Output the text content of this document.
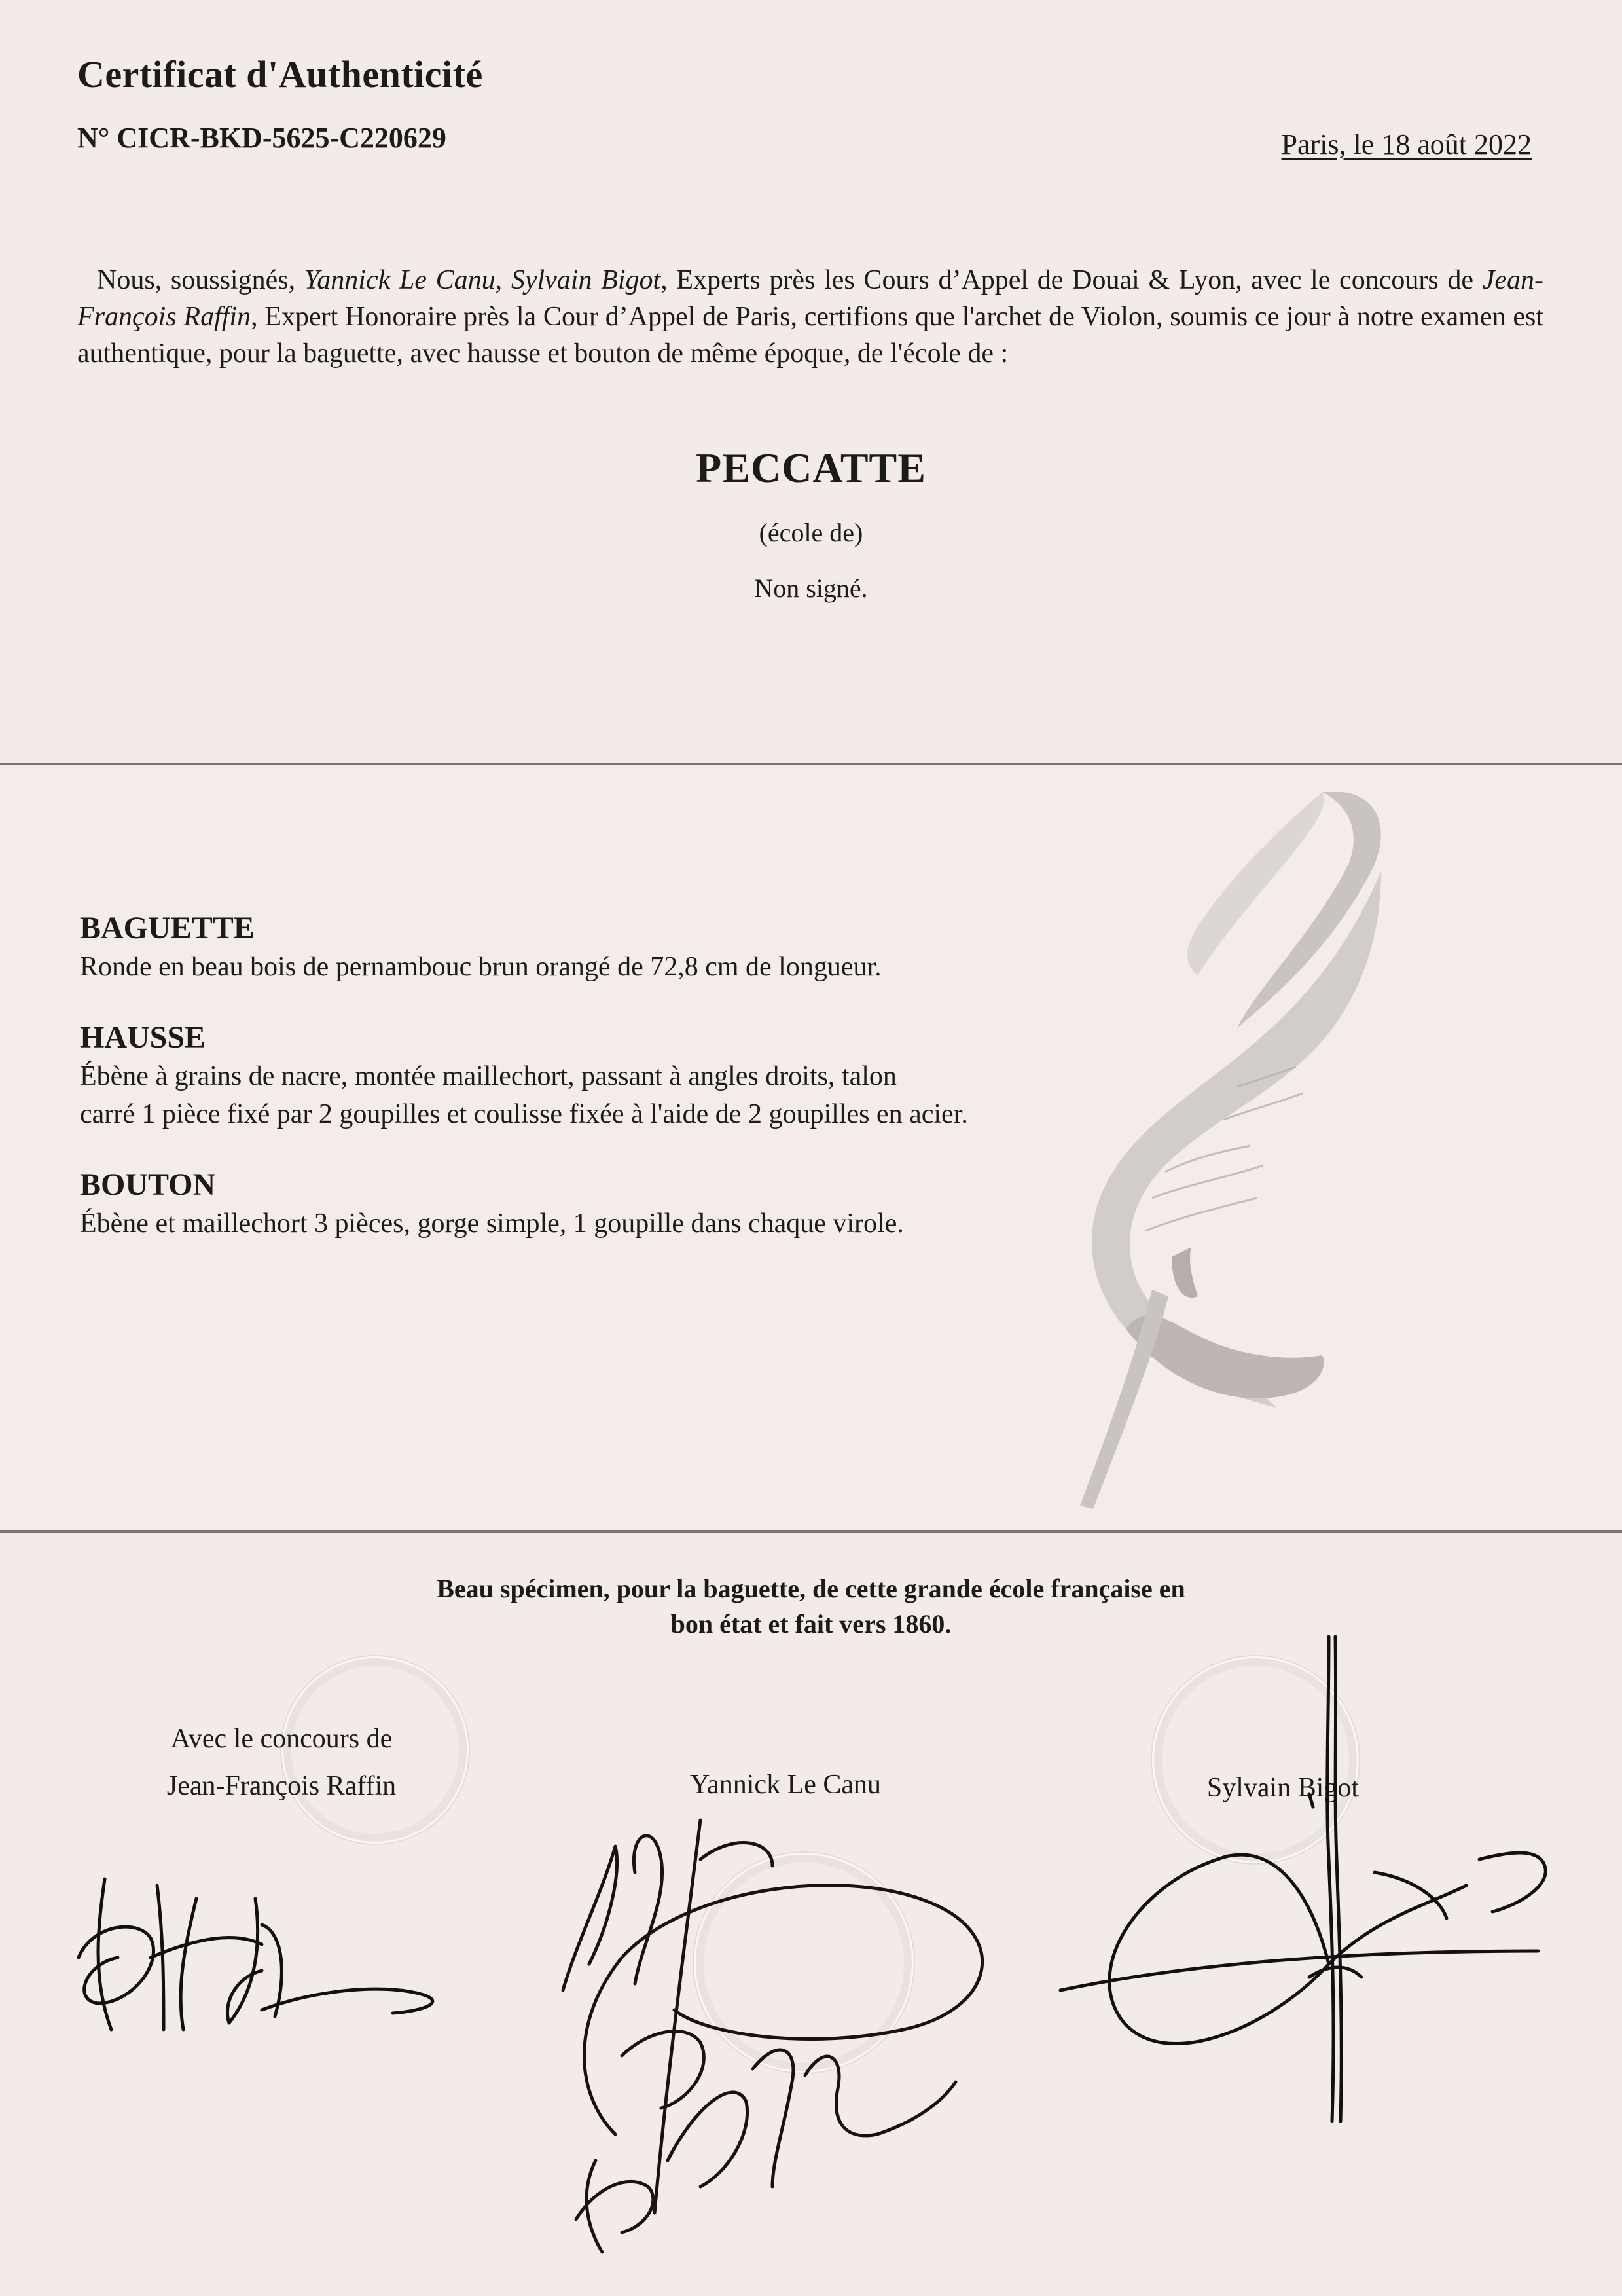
Certificat d'Authenticité
N° CICR-BKD-5625-C220629	Paris, le 18 août 2022
Nous, soussignés, Yannick Le Canu, Sylvain Bigot, Experts près les Cours d’Appel de Douai & Lyon, avec le concours de Jean-François Raffin, Expert Honoraire près la Cour d’Appel de Paris, certifions que l'archet de Violon, soumis ce jour à notre examen est authentique, pour la baguette, avec hausse et bouton de même époque, de l'école de :
PECCATTE
(école de)
Non signé.
BAGUETTE
Ronde en beau bois de pernambouc brun orangé de 72,8 cm de longueur.
HAUSSE
Ébène à grains de nacre, montée maillechort, passant à angles droits, talon
carré 1 pièce fixé par 2 goupilles et coulisse fixée à l'aide de 2 goupilles en acier.
BOUTON
Ébène et maillechort 3 pièces, gorge simple, 1 goupille dans chaque virole.
Beau spécimen, pour la baguette, de cette grande école française en

bon état et fait vers 1860.
Avec le concours de
Jean-François Raffin	Yannick Le Canu	Sylvain Bigot
